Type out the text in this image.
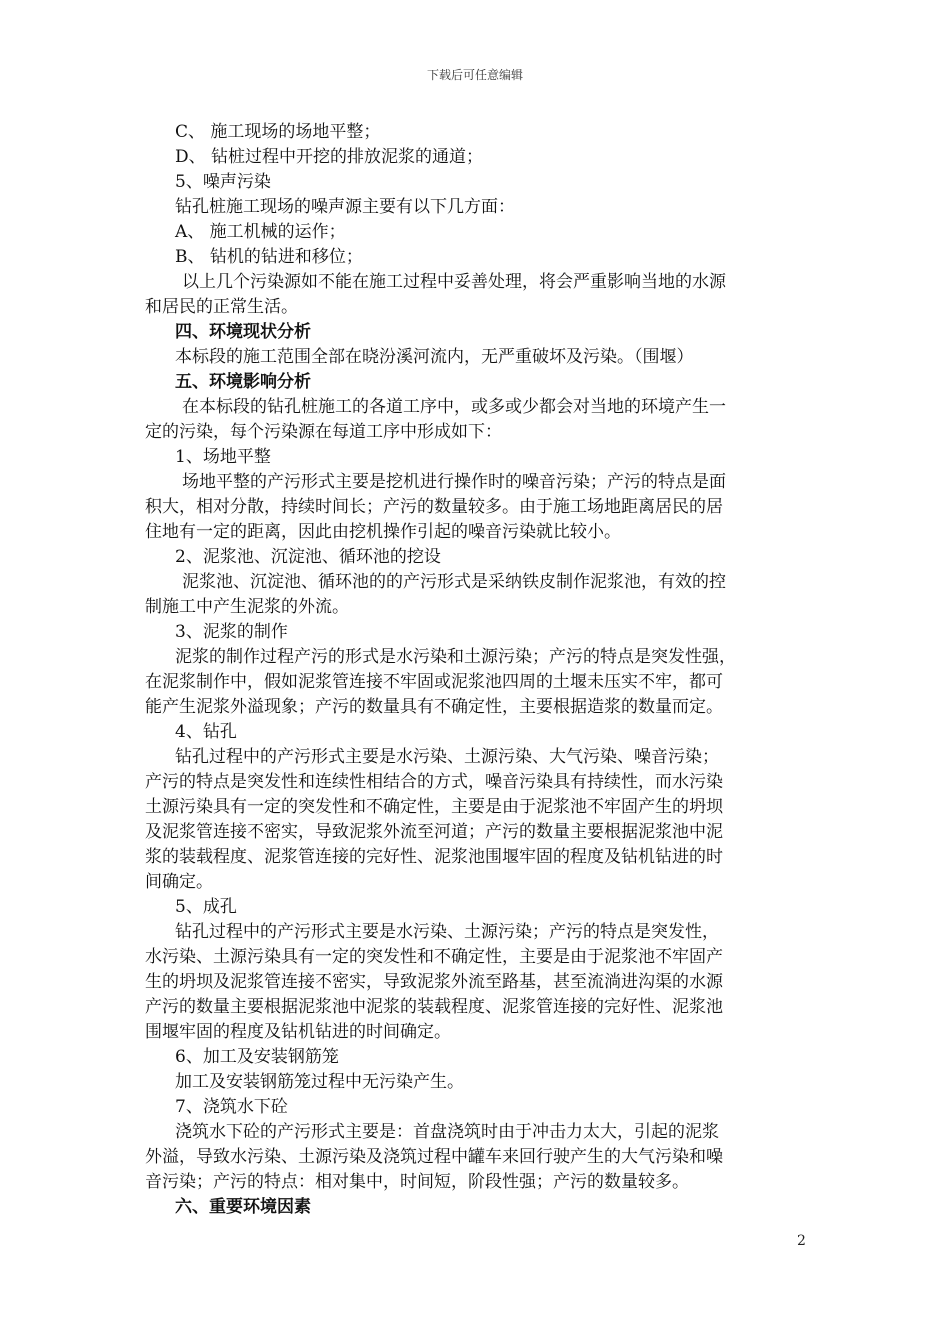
下载后可任意编辑
C、 施工现场的场地平整；
D、 钻桩过程中开挖的排放泥浆的通道；
5、噪声污染
钻孔桩施工现场的噪声源主要有以下几方面：
A、 施工机械的运作；
B、 钻机的钻进和移位；
以上几个污染源如不能在施工过程中妥善处理，将会严重影响当地的水源
和居民的正常生活。
四、环境现状分析
本标段的施工范围全部在晓汾溪河流内，无严重破坏及污染。（围堰）
五、环境影响分析
在本标段的钻孔桩施工的各道工序中，或多或少都会对当地的环境产生一
定的污染，每个污染源在每道工序中形成如下：
1、场地平整
场地平整的产污形式主要是挖机进行操作时的噪音污染；产污的特点是面
积大，相对分散，持续时间长；产污的数量较多。由于施工场地距离居民的居
住地有一定的距离，因此由挖机操作引起的噪音污染就比较小。
2、泥浆池、沉淀池、循环池的挖设
泥浆池、沉淀池、循环池的的产污形式是采纳铁皮制作泥浆池，有效的控
制施工中产生泥浆的外流。
3、泥浆的制作
泥浆的制作过程产污的形式是水污染和土源污染；产污的特点是突发性强，
在泥浆制作中，假如泥浆管连接不牢固或泥浆池四周的土堰未压实不牢，都可
能产生泥浆外溢现象；产污的数量具有不确定性，主要根据造浆的数量而定。
4、钻孔
钻孔过程中的产污形式主要是水污染、土源污染、大气污染、噪音污染；
产污的特点是突发性和连续性相结合的方式，噪音污染具有持续性，而水污染
土源污染具有一定的突发性和不确定性，主要是由于泥浆池不牢固产生的坍坝
及泥浆管连接不密实，导致泥浆外流至河道；产污的数量主要根据泥浆池中泥
浆的装载程度、泥浆管连接的完好性、泥浆池围堰牢固的程度及钻机钻进的时
间确定。
5、成孔
钻孔过程中的产污形式主要是水污染、土源污染；产污的特点是突发性，
水污染、土源污染具有一定的突发性和不确定性，主要是由于泥浆池不牢固产
生的坍坝及泥浆管连接不密实，导致泥浆外流至路基，甚至流淌进沟渠的水源
产污的数量主要根据泥浆池中泥浆的装载程度、泥浆管连接的完好性、泥浆池
围堰牢固的程度及钻机钻进的时间确定。
6、加工及安装钢筋笼
加工及安装钢筋笼过程中无污染产生。
7、浇筑水下砼
浇筑水下砼的产污形式主要是：首盘浇筑时由于冲击力太大，引起的泥浆
外溢，导致水污染、土源污染及浇筑过程中罐车来回行驶产生的大气污染和噪
音污染；产污的特点：相对集中，时间短，阶段性强；产污的数量较多。
六、重要环境因素
2
